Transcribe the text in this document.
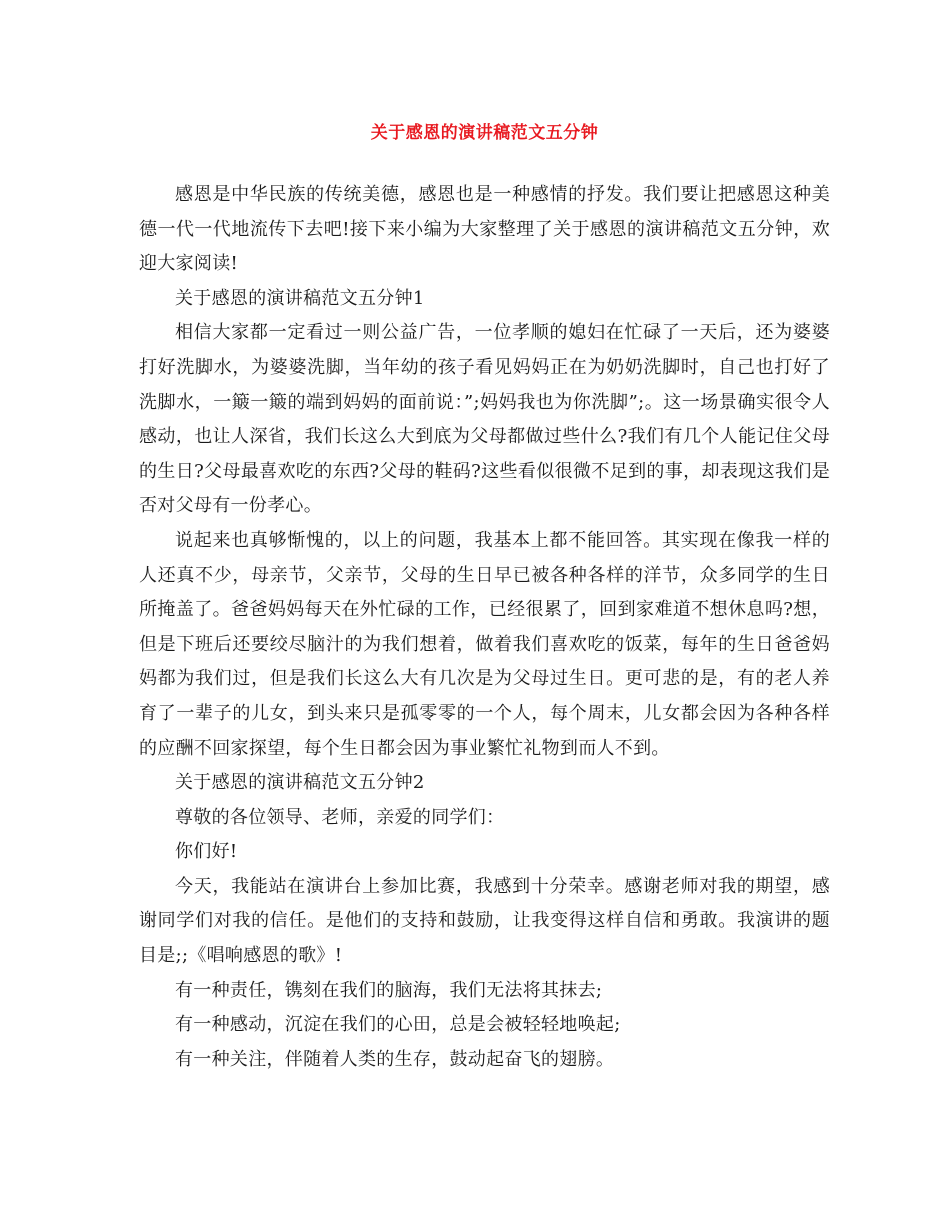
关于感恩的演讲稿范文五分钟

感恩是中华民族的传统美德，感恩也是一种感情的抒发。我们要让把感恩这种美德一代一代地流传下去吧!接下来小编为大家整理了关于感恩的演讲稿范文五分钟，欢迎大家阅读!

关于感恩的演讲稿范文五分钟1

相信大家都一定看过一则公益广告，一位孝顺的媳妇在忙碌了一天后，还为婆婆打好洗脚水，为婆婆洗脚，当年幼的孩子看见妈妈正在为奶奶洗脚时，自己也打好了洗脚水，一簸一簸的端到妈妈的面前说：”;妈妈我也为你洗脚”;。这一场景确实很令人感动，也让人深省，我们长这么大到底为父母都做过些什么?我们有几个人能记住父母的生日?父母最喜欢吃的东西?父母的鞋码?这些看似很微不足到的事，却表现这我们是否对父母有一份孝心。

说起来也真够惭愧的，以上的问题，我基本上都不能回答。其实现在像我一样的人还真不少，母亲节，父亲节，父母的生日早已被各种各样的洋节，众多同学的生日所掩盖了。爸爸妈妈每天在外忙碌的工作，已经很累了，回到家难道不想休息吗?想，但是下班后还要绞尽脑汁的为我们想着，做着我们喜欢吃的饭菜，每年的生日爸爸妈妈都为我们过，但是我们长这么大有几次是为父母过生日。更可悲的是，有的老人养育了一辈子的儿女，到头来只是孤零零的一个人，每个周末，儿女都会因为各种各样的应酬不回家探望，每个生日都会因为事业繁忙礼物到而人不到。

关于感恩的演讲稿范文五分钟2

尊敬的各位领导、老师，亲爱的同学们：

你们好!

今天，我能站在演讲台上参加比赛，我感到十分荣幸。感谢老师对我的期望，感谢同学们对我的信任。是他们的支持和鼓励，让我变得这样自信和勇敢。我演讲的题目是;;《唱响感恩的歌》!

有一种责任，镌刻在我们的脑海，我们无法将其抹去;

有一种感动，沉淀在我们的心田，总是会被轻轻地唤起;

有一种关注，伴随着人类的生存，鼓动起奋飞的翅膀。
